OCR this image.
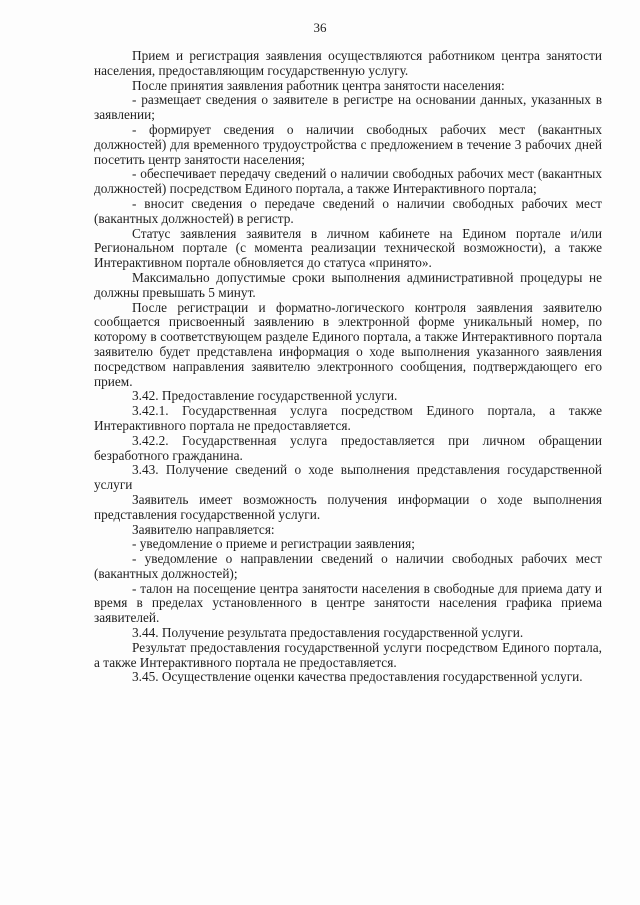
36

Прием и регистрация заявления осуществляются работником центра занятости населения, предоставляющим государственную услугу.

После принятия заявления работник центра занятости населения:

- размещает сведения о заявителе в регистре на основании данных, указанных в заявлении;

- формирует сведения о наличии свободных рабочих мест (вакантных должностей) для временного трудоустройства с предложением в течение 3 рабочих дней посетить центр занятости населения;

- обеспечивает передачу сведений о наличии свободных рабочих мест (вакантных должностей) посредством Единого портала, а также Интерактивного портала;

- вносит сведения о передаче сведений о наличии свободных рабочих мест (вакантных должностей) в регистр.

Статус заявления заявителя в личном кабинете на Едином портале и/или Региональном портале (с момента реализации технической возможности), а также Интерактивном портале обновляется до статуса «принято».

Максимально допустимые сроки выполнения административной процедуры не должны превышать 5 минут.

После регистрации и форматно-логического контроля заявления заявителю сообщается присвоенный заявлению в электронной форме уникальный номер, по которому в соответствующем разделе Единого портала, а также Интерактивного портала заявителю будет представлена информация о ходе выполнения указанного заявления посредством направления заявителю электронного сообщения, подтверждающего его прием.

3.42. Предоставление государственной услуги.

3.42.1. Государственная услуга посредством Единого портала, а также Интерактивного портала не предоставляется.

3.42.2. Государственная услуга предоставляется при личном обращении безработного гражданина.

3.43. Получение сведений о ходе выполнения представления государственной услуги

Заявитель имеет возможность получения информации о ходе выполнения представления государственной услуги.

Заявителю направляется:

- уведомление о приеме и регистрации заявления;

- уведомление о направлении сведений о наличии свободных рабочих мест (вакантных должностей);

- талон на посещение центра занятости населения в свободные для приема дату и время в пределах установленного в центре занятости населения графика приема заявителей.

3.44. Получение результата предоставления государственной услуги.

Результат предоставления государственной услуги посредством Единого портала, а также Интерактивного портала не предоставляется.

3.45. Осуществление оценки качества предоставления государственной услуги.
